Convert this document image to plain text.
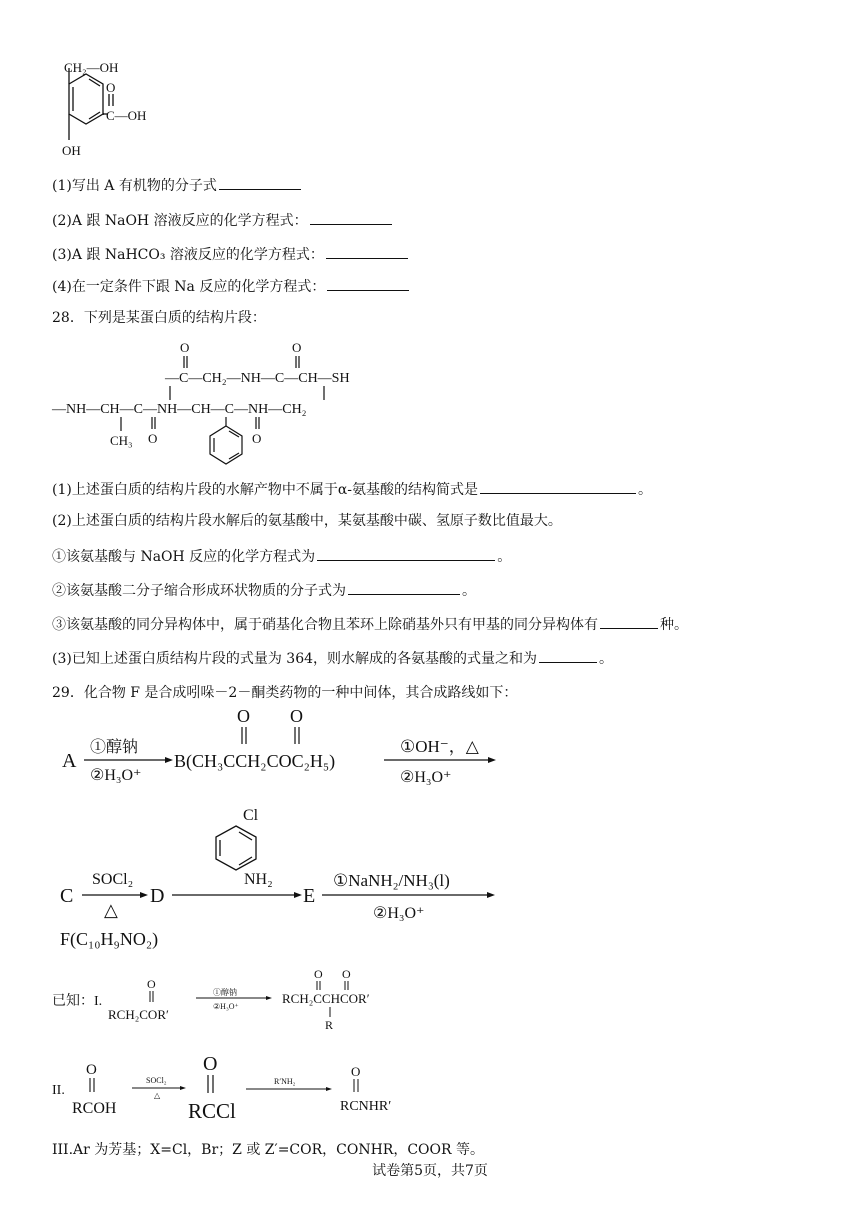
CH₂—OH
O
C—OH
OH
(1)写出 A 有机物的分子式
(2)A 跟 NaOH 溶液反应的化学方程式：
(3)A 跟 NaHCO₃ 溶液反应的化学方程式：
(4)在一定条件下跟 Na 反应的化学方程式：
28．下列是某蛋白质的结构片段：
—C—CH₂—NH—C—CH—SH
—NH—CH—C—NH—CH—C—NH—CH₂
O	O
O	O
CH₃
(1)上述蛋白质的结构片段的水解产物中不属于α-氨基酸的结构简式是	。
(2)上述蛋白质的结构片段水解后的氨基酸中，某氨基酸中碳、氢原子数比值最大。
①该氨基酸与 NaOH 反应的化学方程式为	。
②该氨基酸二分子缩合形成环状物质的分子式为	。
③该氨基酸的同分异构体中，属于硝基化合物且苯环上除硝基外只有甲基的同分异构体有	种。
(3)已知上述蛋白质结构片段的式量为 364，则水解成的各氨基酸的式量之和为	。
29．化合物 F 是合成吲哚－2－酮类药物的一种中间体，其合成路线如下：
A
①醇钠
②H₃O⁺
B(CH₃CCH₂COC₂H₅)
O O
①OH⁻，△
②H₃O⁺
Cl
NH₂
C
SOCl₂
△
D	E
①NaNH₂/NH₃(l)
②H₃O⁺
F(C₁₀H₉NO₂)
已知：I.
O
RCH₂COR′
①醇钠
②H₃O⁺
O O
RCH₂CCHCOR′
R
II.
O
RCOH
SOCl₂
△
O
RCCl
R′NH₂
O
RCNHR′
III.Ar 为芳基；X=Cl，Br；Z 或 Z′=COR，CONHR，COOR 等。
试卷第5页，共7页
